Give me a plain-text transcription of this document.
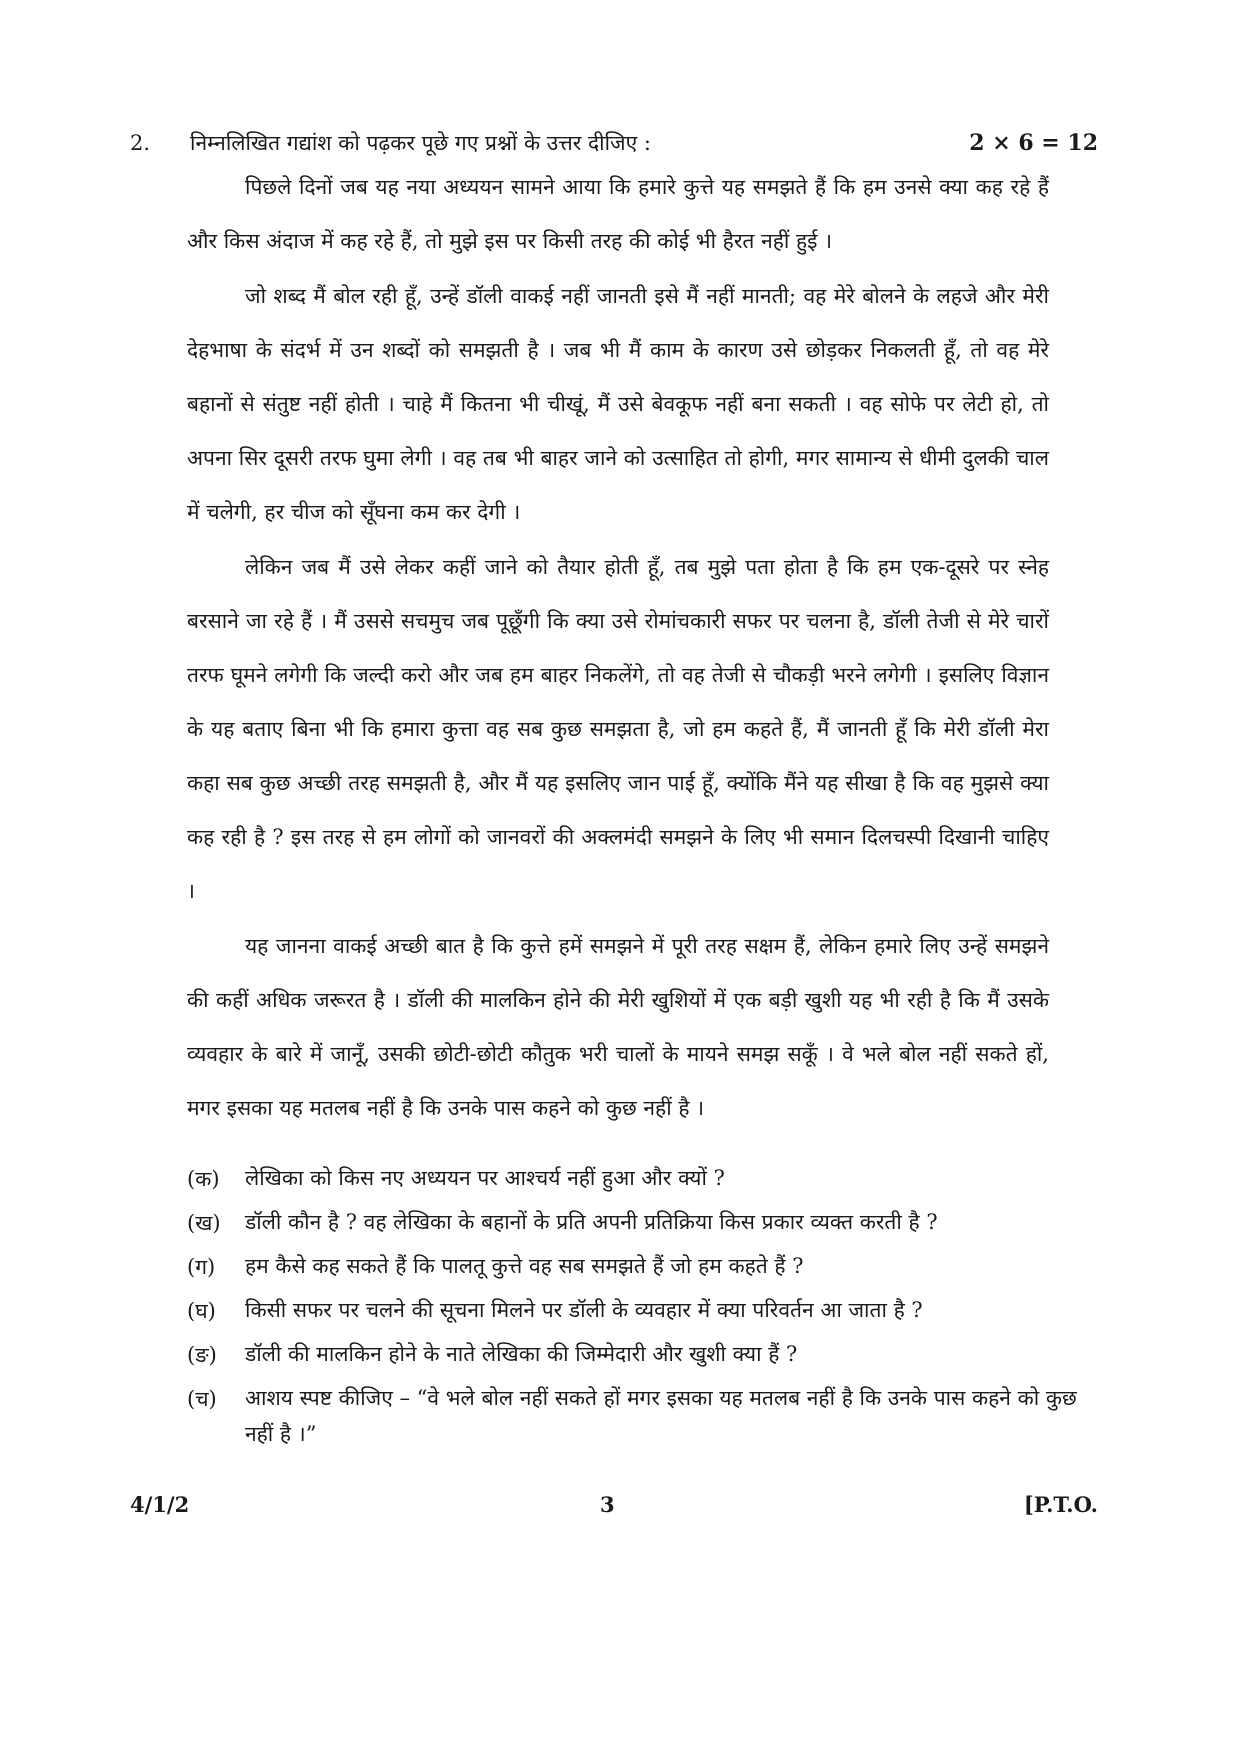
2. निम्नलिखित गद्यांश को पढ़कर पूछे गए प्रश्नों के उत्तर दीजिए :	2 × 6 = 12

पिछले दिनों जब यह नया अध्ययन सामने आया कि हमारे कुत्ते यह समझते हैं कि हम उनसे क्या कह रहे हैं और किस अंदाज में कह रहे हैं, तो मुझे इस पर किसी तरह की कोई भी हैरत नहीं हुई ।

जो शब्द मैं बोल रही हूँ, उन्हें डॉली वाकई नहीं जानती इसे मैं नहीं मानती; वह मेरे बोलने के लहजे और मेरी देहभाषा के संदर्भ में उन शब्दों को समझती है । जब भी मैं काम के कारण उसे छोड़कर निकलती हूँ, तो वह मेरे बहानों से संतुष्ट नहीं होती । चाहे मैं कितना भी चीखूं, मैं उसे बेवकूफ नहीं बना सकती । वह सोफे पर लेटी हो, तो अपना सिर दूसरी तरफ घुमा लेगी । वह तब भी बाहर जाने को उत्साहित तो होगी, मगर सामान्य से धीमी दुलकी चाल में चलेगी, हर चीज को सूँघना कम कर देगी ।

लेकिन जब मैं उसे लेकर कहीं जाने को तैयार होती हूँ, तब मुझे पता होता है कि हम एक-दूसरे पर स्नेह बरसाने जा रहे हैं । मैं उससे सचमुच जब पूछूँगी कि क्या उसे रोमांचकारी सफर पर चलना है, डॉली तेजी से मेरे चारों तरफ घूमने लगेगी कि जल्दी करो और जब हम बाहर निकलेंगे, तो वह तेजी से चौकड़ी भरने लगेगी । इसलिए विज्ञान के यह बताए बिना भी कि हमारा कुत्ता वह सब कुछ समझता है, जो हम कहते हैं, मैं जानती हूँ कि मेरी डॉली मेरा कहा सब कुछ अच्छी तरह समझती है, और मैं यह इसलिए जान पाई हूँ, क्योंकि मैंने यह सीखा है कि वह मुझसे क्या कह रही है ? इस तरह से हम लोगों को जानवरों की अक्लमंदी समझने के लिए भी समान दिलचस्पी दिखानी चाहिए ।

यह जानना वाकई अच्छी बात है कि कुत्ते हमें समझने में पूरी तरह सक्षम हैं, लेकिन हमारे लिए उन्हें समझने की कहीं अधिक जरूरत है । डॉली की मालकिन होने की मेरी खुशियों में एक बड़ी खुशी यह भी रही है कि मैं उसके व्यवहार के बारे में जानूँ, उसकी छोटी-छोटी कौतुक भरी चालों के मायने समझ सकूँ । वे भले बोल नहीं सकते हों, मगर इसका यह मतलब नहीं है कि उनके पास कहने को कुछ नहीं है ।

(क)	लेखिका को किस नए अध्ययन पर आश्चर्य नहीं हुआ और क्यों ?
(ख)	डॉली कौन है ? वह लेखिका के बहानों के प्रति अपनी प्रतिक्रिया किस प्रकार व्यक्त करती है ?
(ग)	हम कैसे कह सकते हैं कि पालतू कुत्ते वह सब समझते हैं जो हम कहते हैं ?
(घ)	किसी सफर पर चलने की सूचना मिलने पर डॉली के व्यवहार में क्या परिवर्तन आ जाता है ?
(ङ)	डॉली की मालकिन होने के नाते लेखिका की जिम्मेदारी और खुशी क्या हैं ?
(च)	आशय स्पष्ट कीजिए – “वे भले बोल नहीं सकते हों मगर इसका यह मतलब नहीं है कि उनके पास कहने को कुछ नहीं है ।”
4/1/2	3	[P.T.O.
